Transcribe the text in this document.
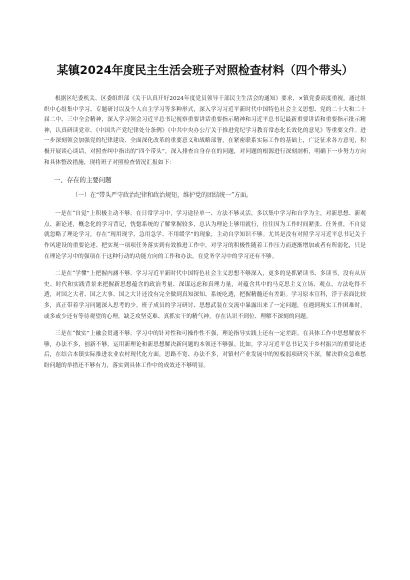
某镇2024年度民主生活会班子对照检查材料（四个带头）

根据区纪委机关、区委组织部《关于认真开好2024年度党员领导干部民主生活会的通知》要求，×镇党委高度重视，通过组织中心组集中学习、专题研讨以及个人自主学习等多种形式，深入学习习近平新时代中国特色社会主义思想、党的二十大和二十届二中、三中全会精神，深入学习领会习近平总书记视察重要讲话重要指示精神和习近平总书记最新重要讲话和重要指示批示精神，认真研读党章、《中国共产党纪律处分条例》《中共中央办公厅关于推进党纪学习教育常态化长效化的意见》等重要文件。进一步深刻领会加强党的纪律建设、全面深化改革的重要意义和战略部署，在紧密联系实际工作的基础上，广泛征求各方意见，积极开展谈心谈话，对照查纠中指出的“四个带头”，深入排查自身存在的问题，对问题的根源进行深刻剖析，明确下一步努力方向和具体整改措施，现将班子对照检查情况汇报如下：

一、存在的主要问题
（一）在“带头严守政治纪律和政治规矩，维护党的团结统一”方面。

一是在“自觉”上积极主动不够。在日常学习中，学习途径单一、方法不够灵活，多以集中学习和自学为主，对新思想、新观点、新论述，概念化的学习背记，恍惚系统的了解掌握较多，总认为理论上够用就行，往往因为工作时间紧张、任务重，不自觉就忽略了理论学习，存在“现用现学、急用急学、不用缓学”的现象，主动自学知识不够。尤其是没有对照学习习近平总书记关于作风建设的重要论述、把实现一项项任务落实到有效推进工作中，对学习的积极性随着工作压力而逐渐增加或者有所弱化，只是在理论学习中的强项在于这种行动的功能方向的工作和办法，在党务学习中的学习还有不够。

二是在“学懂”上把握内涵不够。学习习近平新时代中国特色社会主义思想不够深入，更多的是抓紧读书、多读书，没有从历史、时代和实践背景来把握新思想蕴含的政治考量、深谋远虑和真理力量，对蕴含其中的马克思主义立场、观点、方法吃得不透，对国之大者、国之大事、国之大计还没有完全做到真知深知、系统吃透，把握精髓还有差距。学习原本宣科，浮于表面比较多，真正带着学习问题深入思考的少。班子成员的学习研讨、思想武装在交流中暴露出来了一定问题，在遇到现实工作困难时，或多或少还有等待观望的心理，缺乏攻坚克难、真抓实干的精气神，存在认识不到位、理解不深刻的问题。

三是在“做实”上融会贯通不够。学习中的针对性和可操作性不强，理论指导实践上还有一定差距。在具体工作中思想解放不够，办法不多，创新不够，运用新理论和新思想解决新问题的本领还不够强。比如，学习习近平总书记关于乡村振兴的重要论述后，在结合本镇实际推进农业农村现代化方面，思路不宽、办法不多，对镇村产业发展中的短板弱项研究不深，解决群众急难愁盼问题的举措还不够有力，落实到具体工作中的成效还不够明显。
